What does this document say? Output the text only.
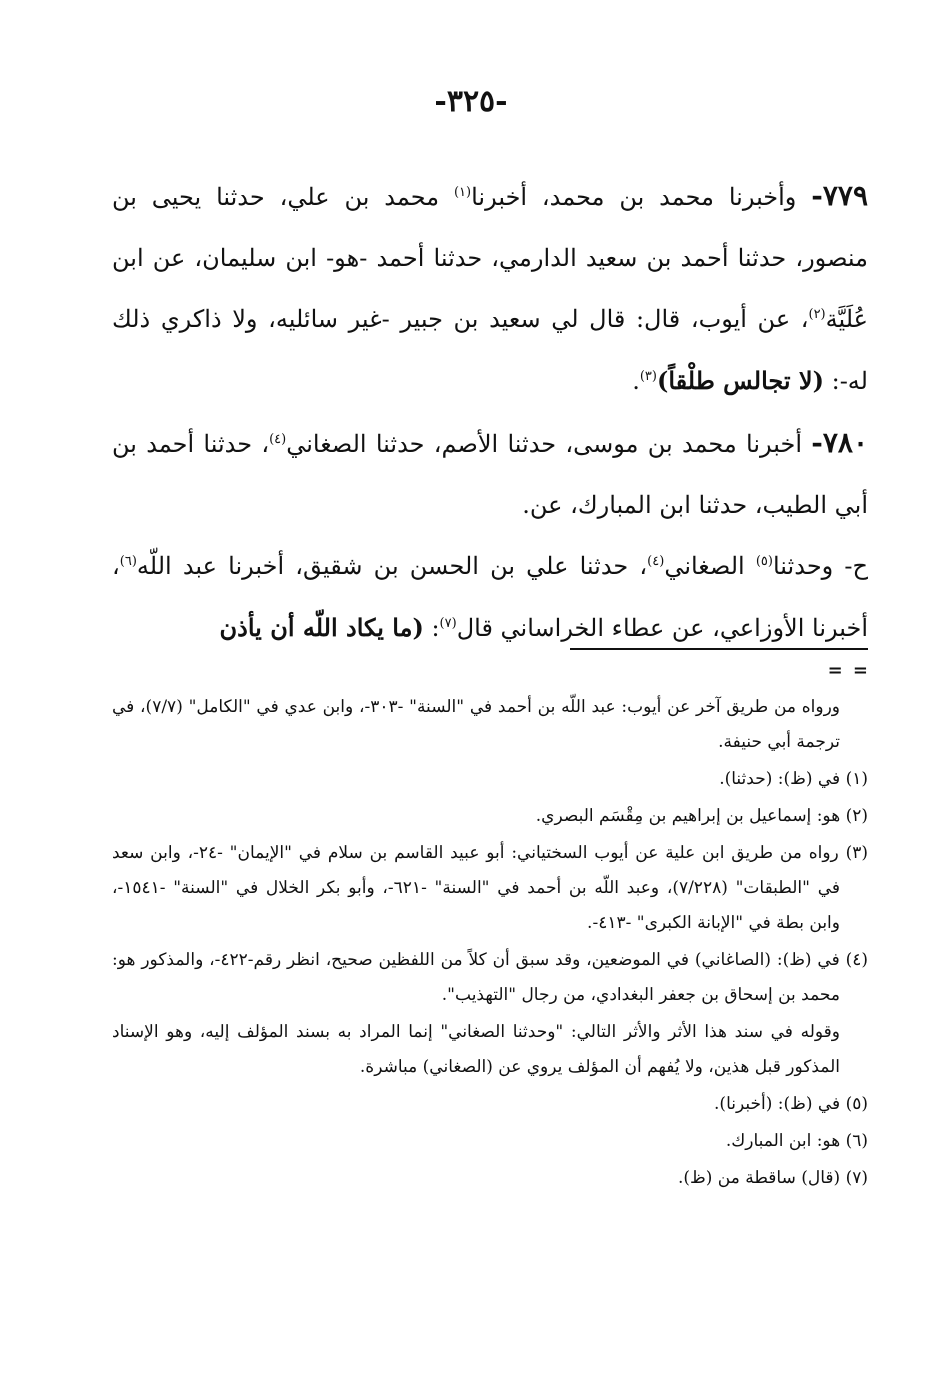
-٣٢٥-

٧٧٩- وأخبرنا محمد بن محمد، أخبرنا$^{(١)}$ محمد بن علي، حدثنا يحيى بن منصور، حدثنا أحمد بن سعيد الدارمي، حدثنا أحمد -هو- ابن سليمان، عن ابن عُلَيَّة$^{(٢)}$، عن أيوب، قال: قال لي سعيد بن جبير -غير سائليه، ولا ذاكري ذلك له-: (لا تجالس طلْقاً)$^{(٣)}$.

٧٨٠- أخبرنا محمد بن موسى، حدثنا الأصم، حدثنا الصغاني$^{(٤)}$، حدثنا أحمد بن أبي الطيب، حدثنا ابن المبارك، عن.

ح- وحدثنا$^{(٥)}$ الصغاني$^{(٤)}$، حدثنا علي بن الحسن بن شقيق، أخبرنا عبد اللّه$^{(٦)}$، أخبرنا الأوزاعي، عن عطاء الخراساني قال$^{(٧)}$: (ما يكاد اللّه أن يأذن

= =

ورواه من طريق آخر عن أيوب: عبد اللّه بن أحمد في "السنة" -٣٠٣-، وابن عدي في "الكامل" (٧/٧)، في ترجمة أبي حنيفة.

(١) في (ظ): (حدثنا).

(٢) هو: إسماعيل بن إبراهيم بن مِقْسَم البصري.

(٣) رواه من طريق ابن علية عن أيوب السختياني: أبو عبيد القاسم بن سلام في "الإيمان" -٢٤-، وابن سعد في "الطبقات" (٧/٢٢٨)، وعبد اللّه بن أحمد في "السنة" -٦٢١-، وأبو بكر الخلال في "السنة" -١٥٤١-، وابن بطة في "الإبانة الكبرى" -٤١٣-.

(٤) في (ظ): (الصاغاني) في الموضعين، وقد سبق أن كلاً من اللفظين صحيح، انظر رقم-٤٢٢-، والمذكور هو: محمد بن إسحاق بن جعفر البغدادي، من رجال "التهذيب".

وقوله في سند هذا الأثر والأثر التالي: "وحدثنا الصغاني" إنما المراد به بسند المؤلف إليه، وهو الإسناد المذكور قبل هذين، ولا يُفهم أن المؤلف يروي عن (الصغاني) مباشرة.

(٥) في (ظ): (أخبرنا).

(٦) هو: ابن المبارك.

(٧) (قال) ساقطة من (ظ).
